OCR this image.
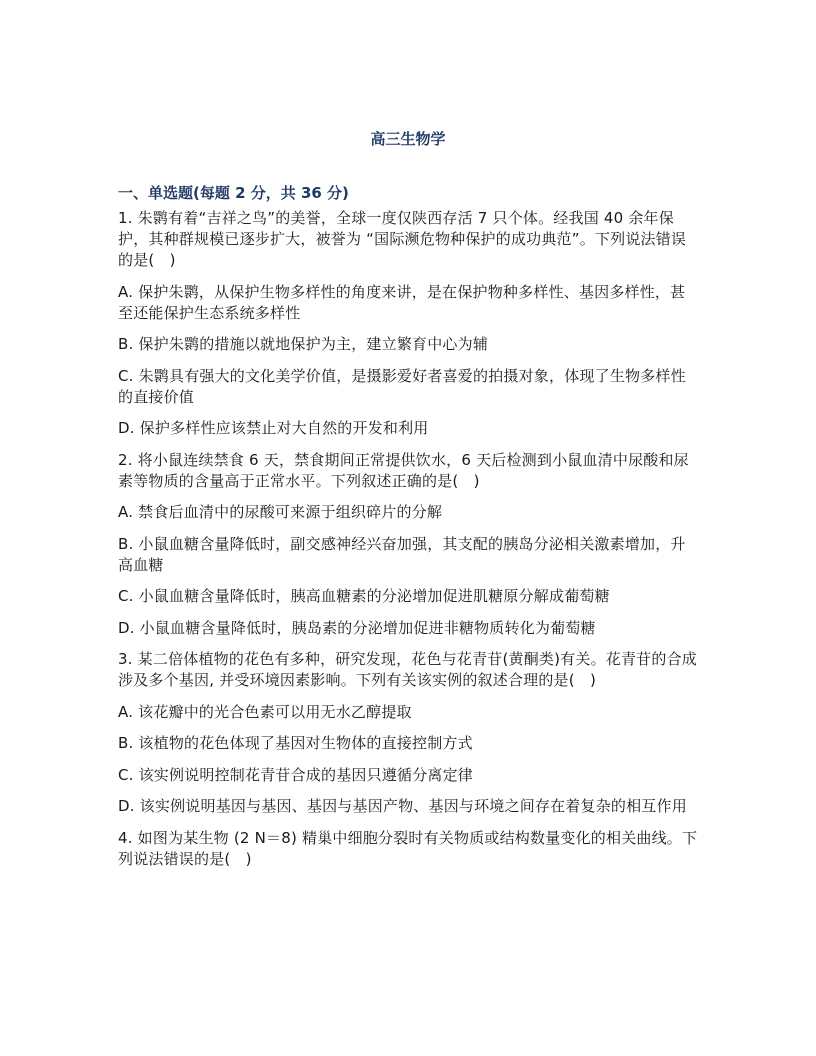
高三生物学
一、单选题(每题 2 分，共 36 分)

1. 朱鹮有着“吉祥之鸟”的美誉，全球一度仅陕西存活 7 只个体。经我国 40 余年保护，其种群规模已逐步扩大，被誉为 “国际濒危物种保护的成功典范”。下列说法错误的是(　)

A. 保护朱鹮，从保护生物多样性的角度来讲，是在保护物种多样性、基因多样性，甚至还能保护生态系统多样性

B. 保护朱鹮的措施以就地保护为主，建立繁育中心为辅

C. 朱鹮具有强大的文化美学价值，是摄影爱好者喜爱的拍摄对象，体现了生物多样性的直接价值

D. 保护多样性应该禁止对大自然的开发和利用

2. 将小鼠连续禁食 6 天，禁食期间正常提供饮水，6 天后检测到小鼠血清中尿酸和尿素等物质的含量高于正常水平。下列叙述正确的是(　)

A. 禁食后血清中的尿酸可来源于组织碎片的分解

B. 小鼠血糖含量降低时，副交感神经兴奋加强，其支配的胰岛分泌相关激素增加，升高血糖

C. 小鼠血糖含量降低时，胰高血糖素的分泌增加促进肌糖原分解成葡萄糖

D. 小鼠血糖含量降低时，胰岛素的分泌增加促进非糖物质转化为葡萄糖

3. 某二倍体植物的花色有多种，研究发现，花色与花青苷(黄酮类)有关。花青苷的合成涉及多个基因, 并受环境因素影响。下列有关该实例的叙述合理的是(　)

A. 该花瓣中的光合色素可以用无水乙醇提取

B. 该植物的花色体现了基因对生物体的直接控制方式

C. 该实例说明控制花青苷合成的基因只遵循分离定律

D. 该实例说明基因与基因、基因与基因产物、基因与环境之间存在着复杂的相互作用

4. 如图为某生物 (2 N＝8) 精巢中细胞分裂时有关物质或结构数量变化的相关曲线。下列说法错误的是(　)
